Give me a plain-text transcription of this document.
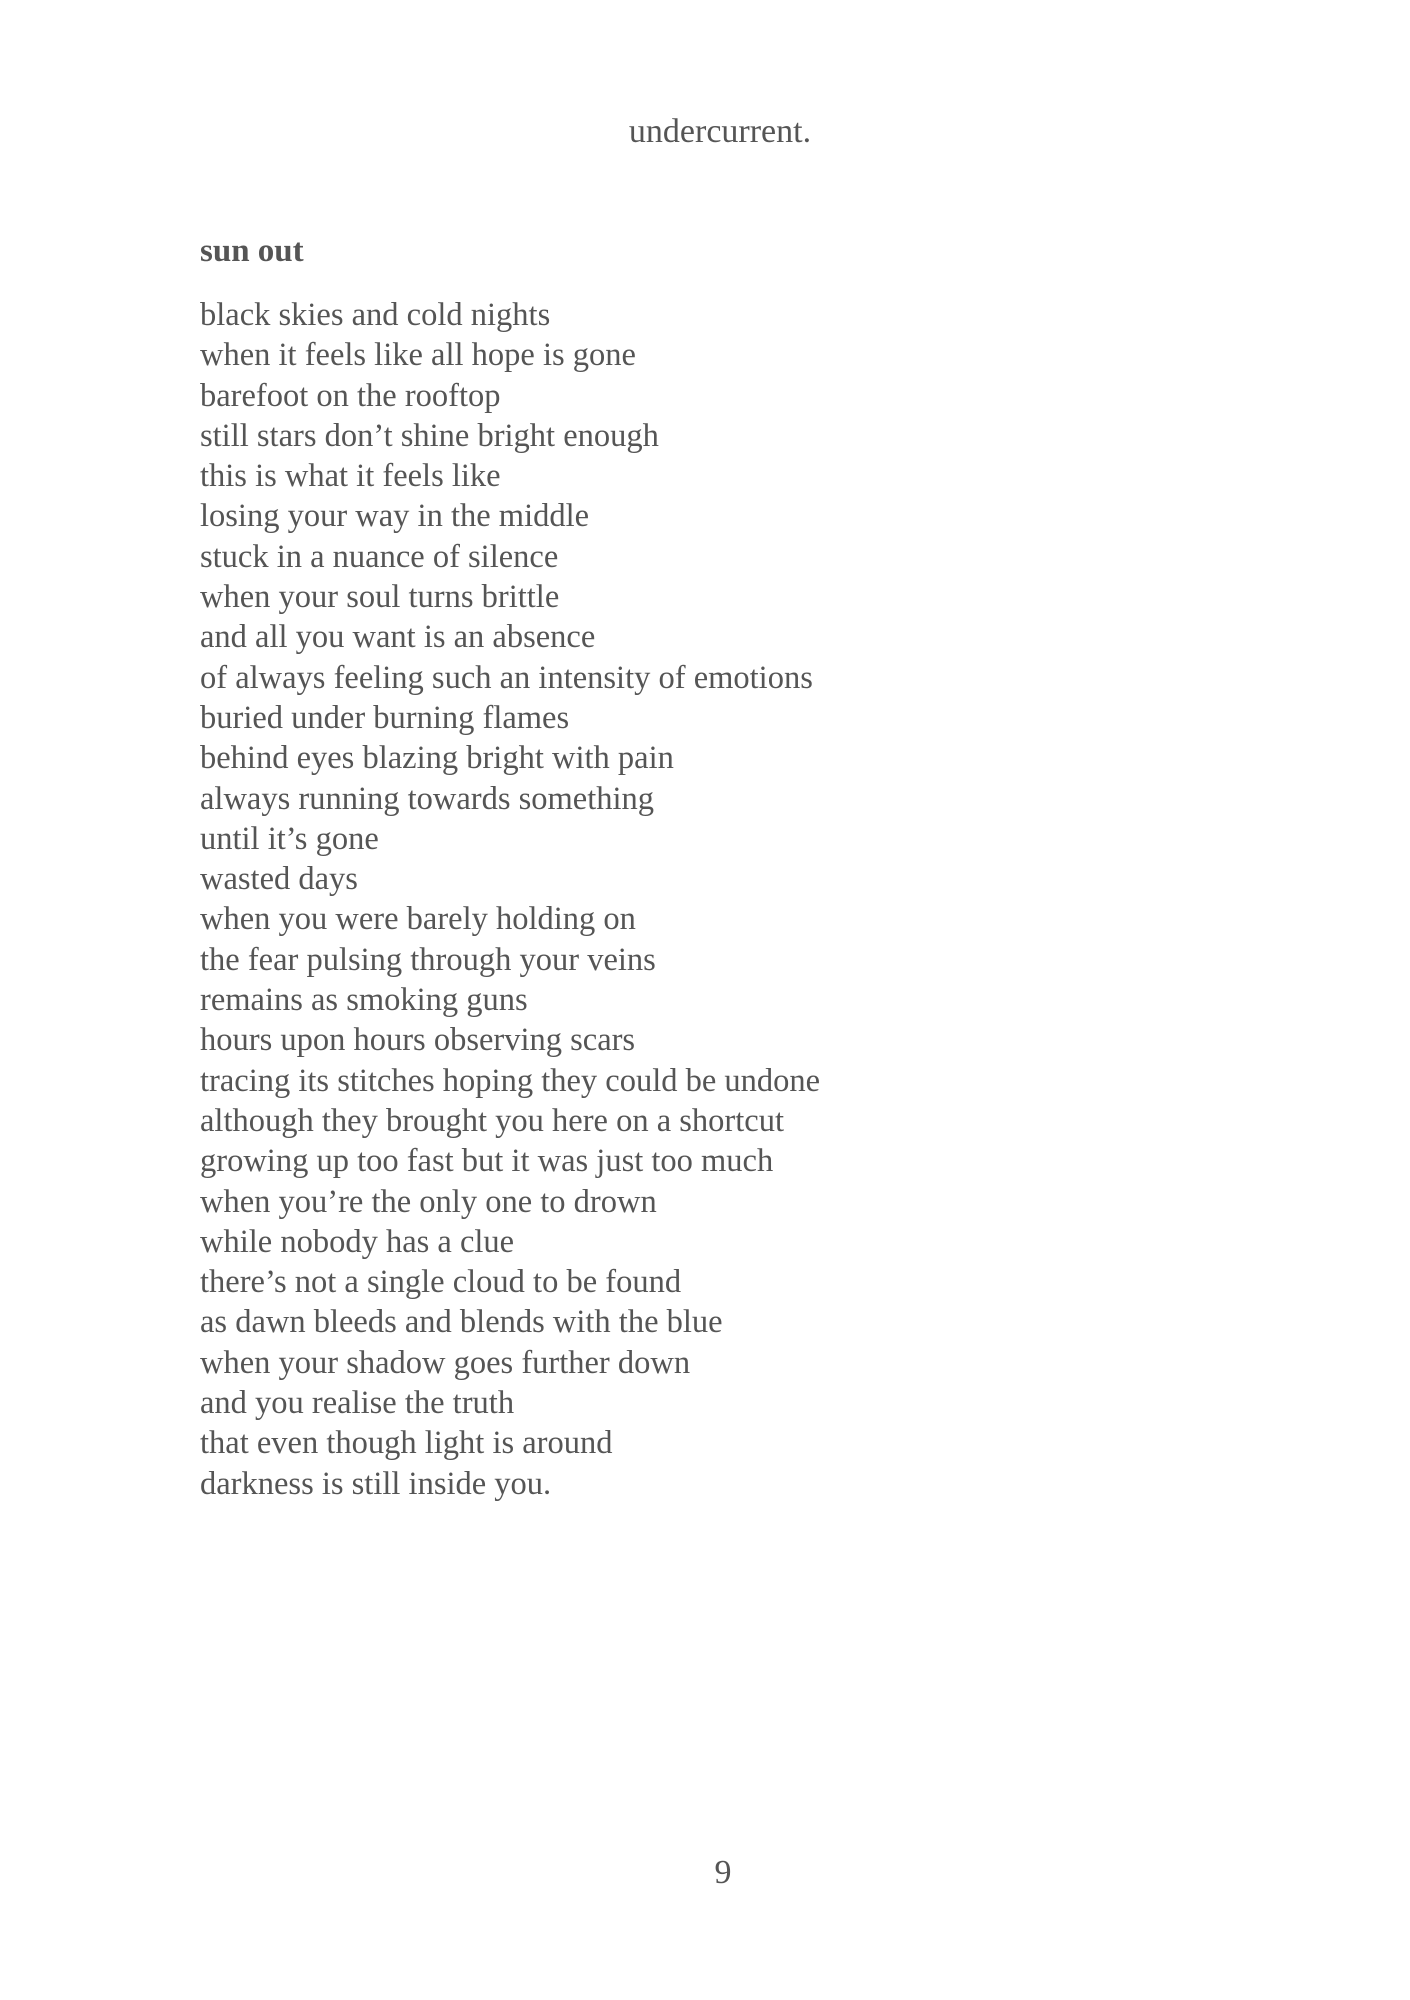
undercurrent.
sun out
black skies and cold nights
when it feels like all hope is gone
barefoot on the rooftop
still stars don’t shine bright enough
this is what it feels like
losing your way in the middle
stuck in a nuance of silence
when your soul turns brittle
and all you want is an absence
of always feeling such an intensity of emotions
buried under burning flames
behind eyes blazing bright with pain
always running towards something
until it’s gone
wasted days
when you were barely holding on
the fear pulsing through your veins
remains as smoking guns
hours upon hours observing scars
tracing its stitches hoping they could be undone
although they brought you here on a shortcut
growing up too fast but it was just too much
when you’re the only one to drown
while nobody has a clue
there’s not a single cloud to be found
as dawn bleeds and blends with the blue
when your shadow goes further down
and you realise the truth
that even though light is around
darkness is still inside you.
9
